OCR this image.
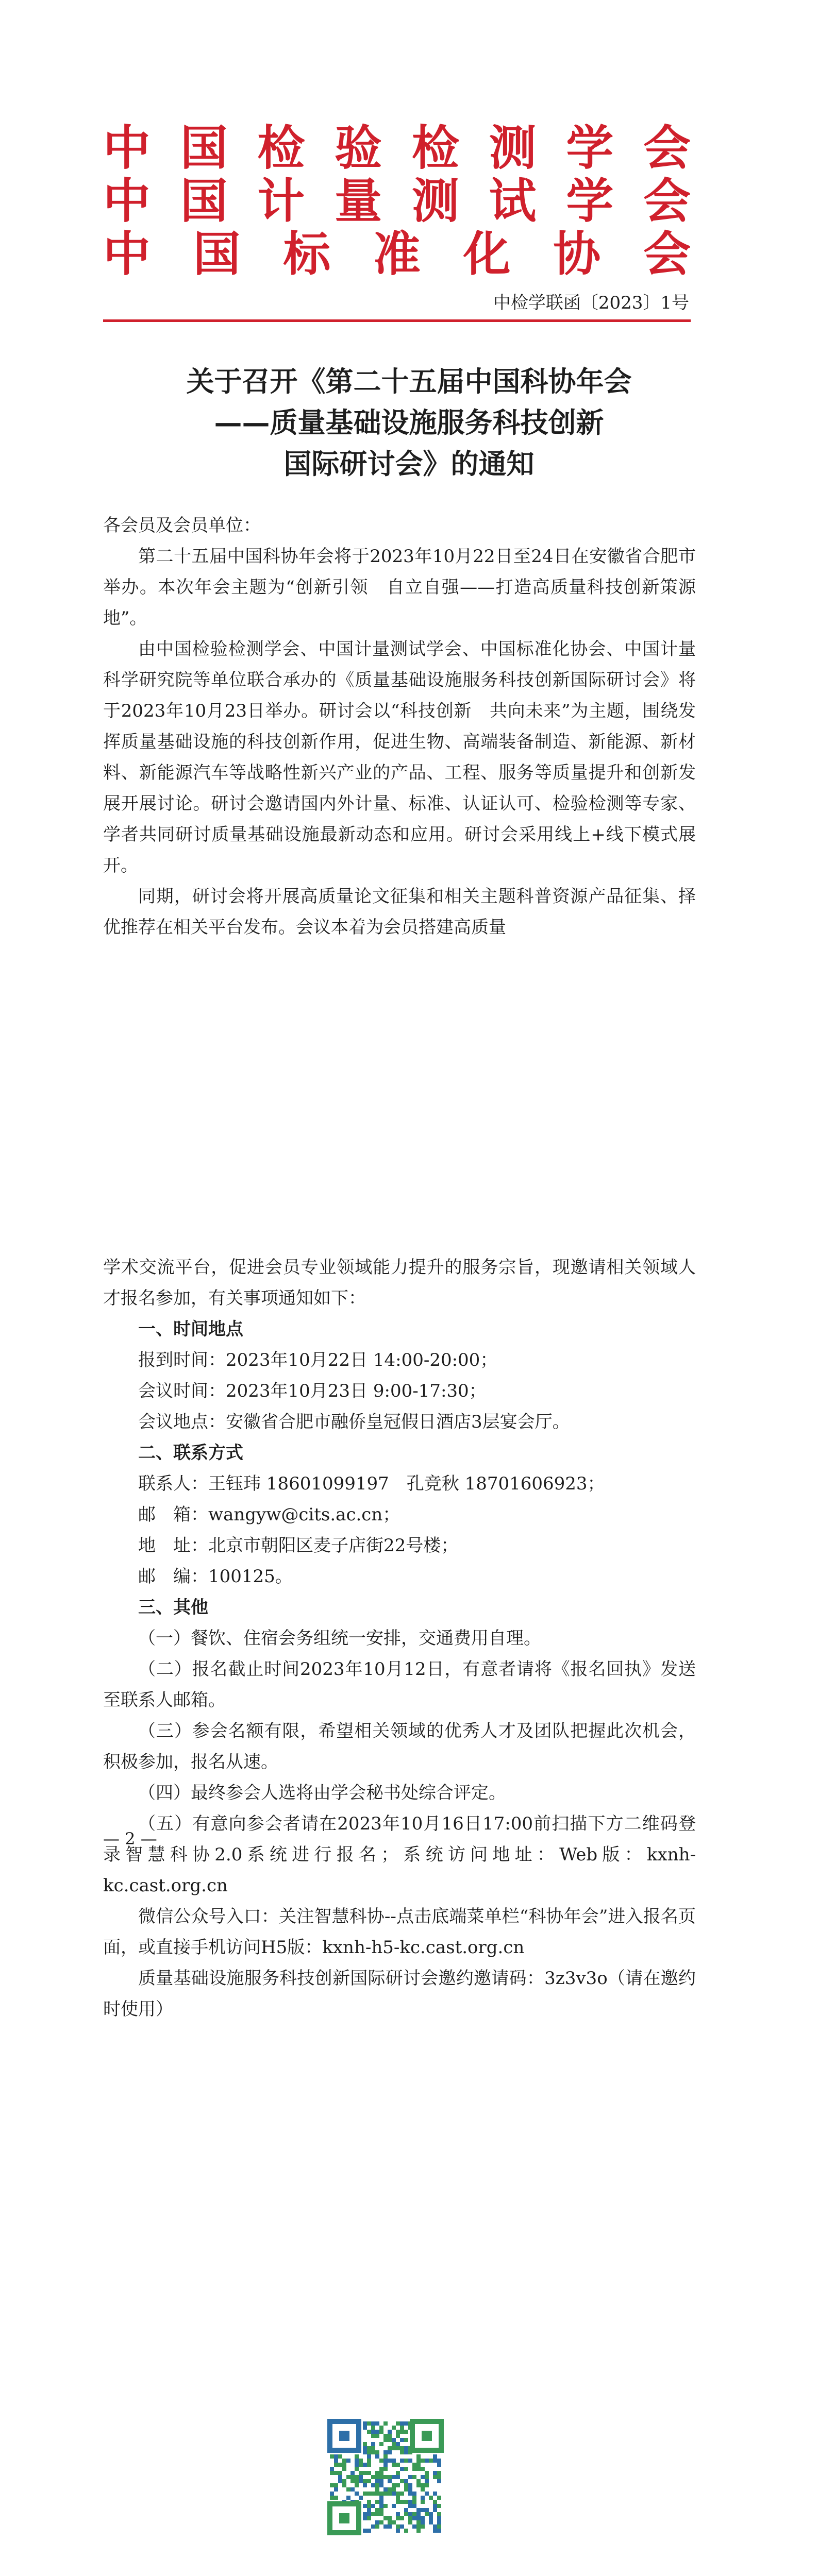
中 国 检 验 检 测 学 会
中 国 计 量 测 试 学 会
中 国 标 准 化 协 会
中检学联函〔2023〕1号
关于召开《第二十五届中国科协年会
——质量基础设施服务科技创新
国际研讨会》的通知

各会员及会员单位：

第二十五届中国科协年会将于2023年10月22日至24日在安徽省合肥市举办。本次年会主题为“创新引领　自立自强——打造高质量科技创新策源地”。

由中国检验检测学会、中国计量测试学会、中国标准化协会、中国计量科学研究院等单位联合承办的《质量基础设施服务科技创新国际研讨会》将于2023年10月23日举办。研讨会以“科技创新　共向未来”为主题，围绕发挥质量基础设施的科技创新作用，促进生物、高端装备制造、新能源、新材料、新能源汽车等战略性新兴产业的产品、工程、服务等质量提升和创新发展开展讨论。研讨会邀请国内外计量、标准、认证认可、检验检测等专家、学者共同研讨质量基础设施最新动态和应用。研讨会采用线上+线下模式展开。

同期，研讨会将开展高质量论文征集和相关主题科普资源产品征集、择优推荐在相关平台发布。会议本着为会员搭建高质量

学术交流平台，促进会员专业领域能力提升的服务宗旨，现邀请相关领域人才报名参加，有关事项通知如下：

一、时间地点

报到时间：2023年10月22日 14:00-20:00；

会议时间：2023年10月23日 9:00-17:30；

会议地点：安徽省合肥市融侨皇冠假日酒店3层宴会厅。

二、联系方式

联系人：王钰玮 18601099197　孔竞秋 18701606923；

邮　箱：wangyw@cits.ac.cn；

地　址：北京市朝阳区麦子店街22号楼；

邮　编：100125。

三、其他

（一）餐饮、住宿会务组统一安排，交通费用自理。

（二）报名截止时间2023年10月12日，有意者请将《报名回执》发送至联系人邮箱。

（三）参会名额有限，希望相关领域的优秀人才及团队把握此次机会，积极参加，报名从速。

（四）最终参会人选将由学会秘书处综合评定。

（五）有意向参会者请在2023年10月16日17:00前扫描下方二维码登录智慧科协2.0系统进行报名；系统访问地址：Web版：kxnh-kc.cast.org.cn

微信公众号入口：关注智慧科协--点击底端菜单栏“科协年会”进入报名页面，或直接手机访问H5版：kxnh-h5-kc.cast.org.cn

质量基础设施服务科技创新国际研讨会邀约邀请码：3z3v3o（请在邀约时使用）

— 2 —
